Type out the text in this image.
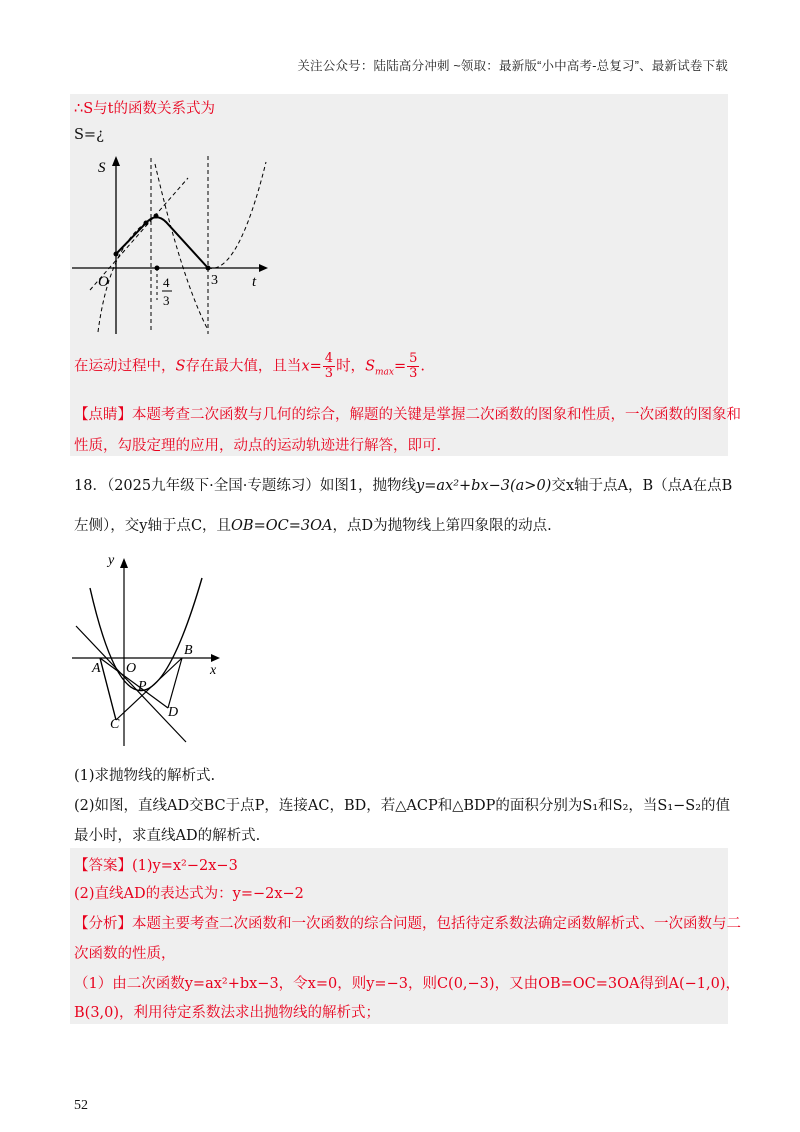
关注公众号：陆陆高分冲刺 ~领取：最新版“小中高考-总复习”、最新试卷下载
∴S与t的函数关系式为
S=¿
S
O	t
3
4
3
在运动过程中，S存在最大值，且当$x= \frac{4}{3}$ 时，$S_{max}= \frac{5}{3}$ .
【点睛】本题考查二次函数与几何的综合，解题的关键是掌握二次函数的图象和性质，一次函数的图象和
性质，勾股定理的应用，动点的运动轨迹进行解答，即可.
18．（2025九年级下·全国·专题练习）如图1，抛物线y=ax²+bx−3(a>0)交x轴于点A，B（点A在点B
左侧），交y轴于点C，且OB=OC=3OA，点D为抛物线上第四象限的动点.
y
x
A O
B
P
C
D
(1)求抛物线的解析式.
(2)如图，直线AD交BC于点P，连接AC，BD，若△ACP和△BDP的面积分别为S₁和S₂，当S₁−S₂的值
最小时，求直线AD的解析式.
【答案】(1)y=x²−2x−3
(2)直线AD的表达式为：y=−2x−2
【分析】本题主要考查二次函数和一次函数的综合问题，包括待定系数法确定函数解析式、一次函数与二
次函数的性质，
（1）由二次函数y=ax²+bx−3，令x=0，则y=−3，则C(0,−3)，又由OB=OC=3OA得到A(−1,0)，
B(3,0)，利用待定系数法求出抛物线的解析式；
52
